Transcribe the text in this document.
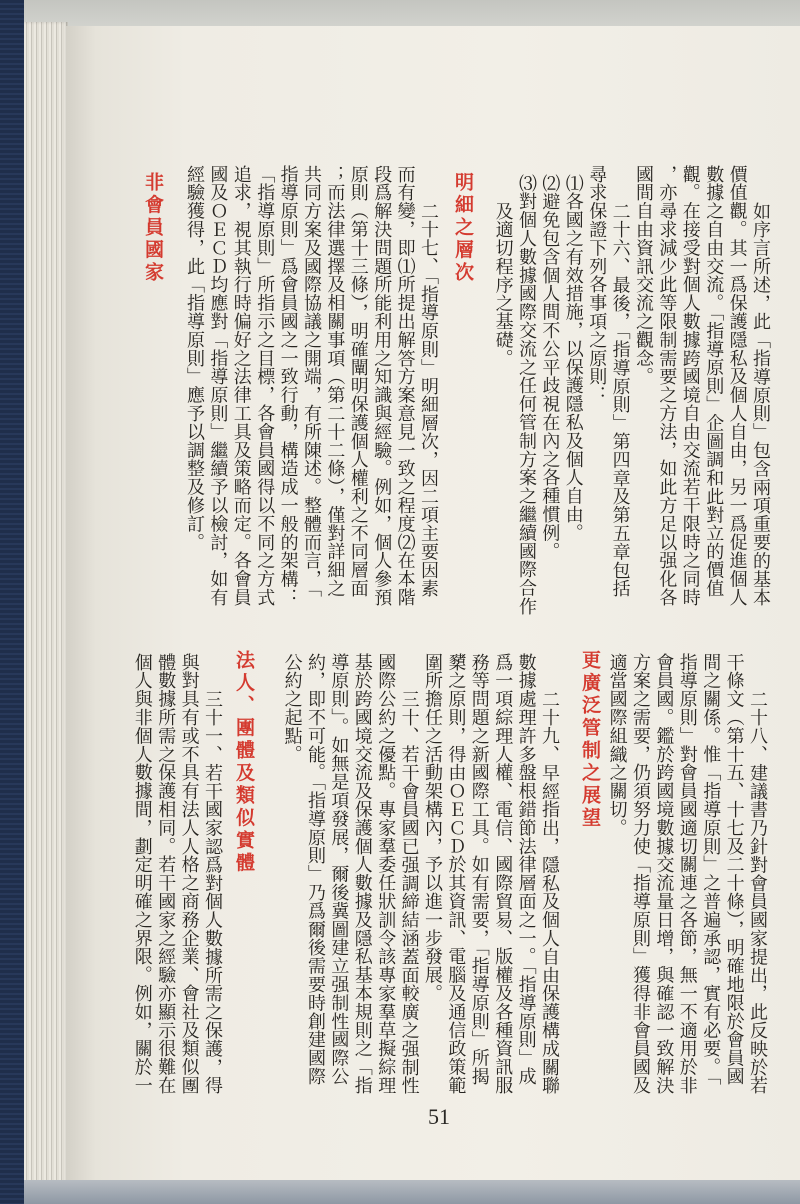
如序言所述，此「指導原則」包含兩項重要的基本
價值觀。其一爲保護隱私及個人自由，另一爲促進個人
數據之自由交流。「指導原則」企圖調和此對立的價值
觀。在接受對個人數據跨國境自由交流若干限時之同時
，亦尋求減少此等限制需要之方法，如此方足以强化各
國間自由資訊交流之觀念。
二十六、最後，「指導原則」第四章及第五章包括
尋求保證下列各事項之原則：
⑴各國之有效措施，以保護隱私及個人自由。
⑵避免包含個人間不公平歧視在內之各種慣例。
⑶對個人數據國際交流之任何管制方案之繼續國際合作
及適切程序之基礎。
明細之層次
二十七、「指導原則」明細層次，因二項主要因素
而有變，即⑴所提出解答方案意見一致之程度⑵在本階
段爲解決問題所能利用之知識與經驗。例如，個人參預
原則（第十三條），明確闡明保護個人權利之不同層面
；而法律選擇及相關事項（第二十二條），僅對詳細之
共同方案及國際協議之開端，有所陳述。整體而言，「
指導原則」爲會員國之一致行動，構造成一般的架構：
「指導原則」所指示之目標，各會員國得以不同之方式
追求，視其執行時偏好之法律工具及策略而定。各會員
國及ＯＥＣＤ均應對「指導原則」繼續予以檢討，如有
經驗獲得，此「指導原則」應予以調整及修訂。
非會員國家
二十八、建議書乃針對會員國家提出，此反映於若
干條文（第十五、十七及二十條），明確地限於會員國
間之關係。惟「指導原則」之普遍承認，實有必要。「
指導原則」對會員國適切關連之各節，無一不適用於非
會員國。鑑於跨國境數據交流量日增，與確認一致解決
方案之需要，仍須努力使「指導原則」獲得非會員國及
適當國際組織之關切。
更廣泛管制之展望
二十九、早經指出，隱私及個人自由保護構成關聯
數據處理許多盤根錯節法律層面之一。「指導原則」成
爲一項綜理人權、電信、國際貿易、版權及各種資訊服
務等問題之新國際工具。如有需要，「指導原則」所揭
櫫之原則，得由ＯＥＣＤ於其資訊、電腦及通信政策範
圍所擔任之活動架構內，予以進一步發展。
三十、若干會員國已强調締結涵蓋面較廣之强制性
國際公約之優點。專家羣委任狀訓令該專家羣草擬綜理
基於跨國境交流及保護個人數據及隱私基本規則之「指
導原則」。如無是項發展，爾後冀圖建立强制性國際公
約，即不可能。「指導原則」乃爲爾後需要時創建國際
公約之起點。
法人、團體及類似實體
三十一、若干國家認爲對個人數據所需之保護，得
與對具有或不具有法人人格之商務企業、會社及類似團
體數據所需之保護相同。若干國家之經驗亦顯示很難在
個人與非個人數據間，劃定明確之界限。例如，關於一
51
